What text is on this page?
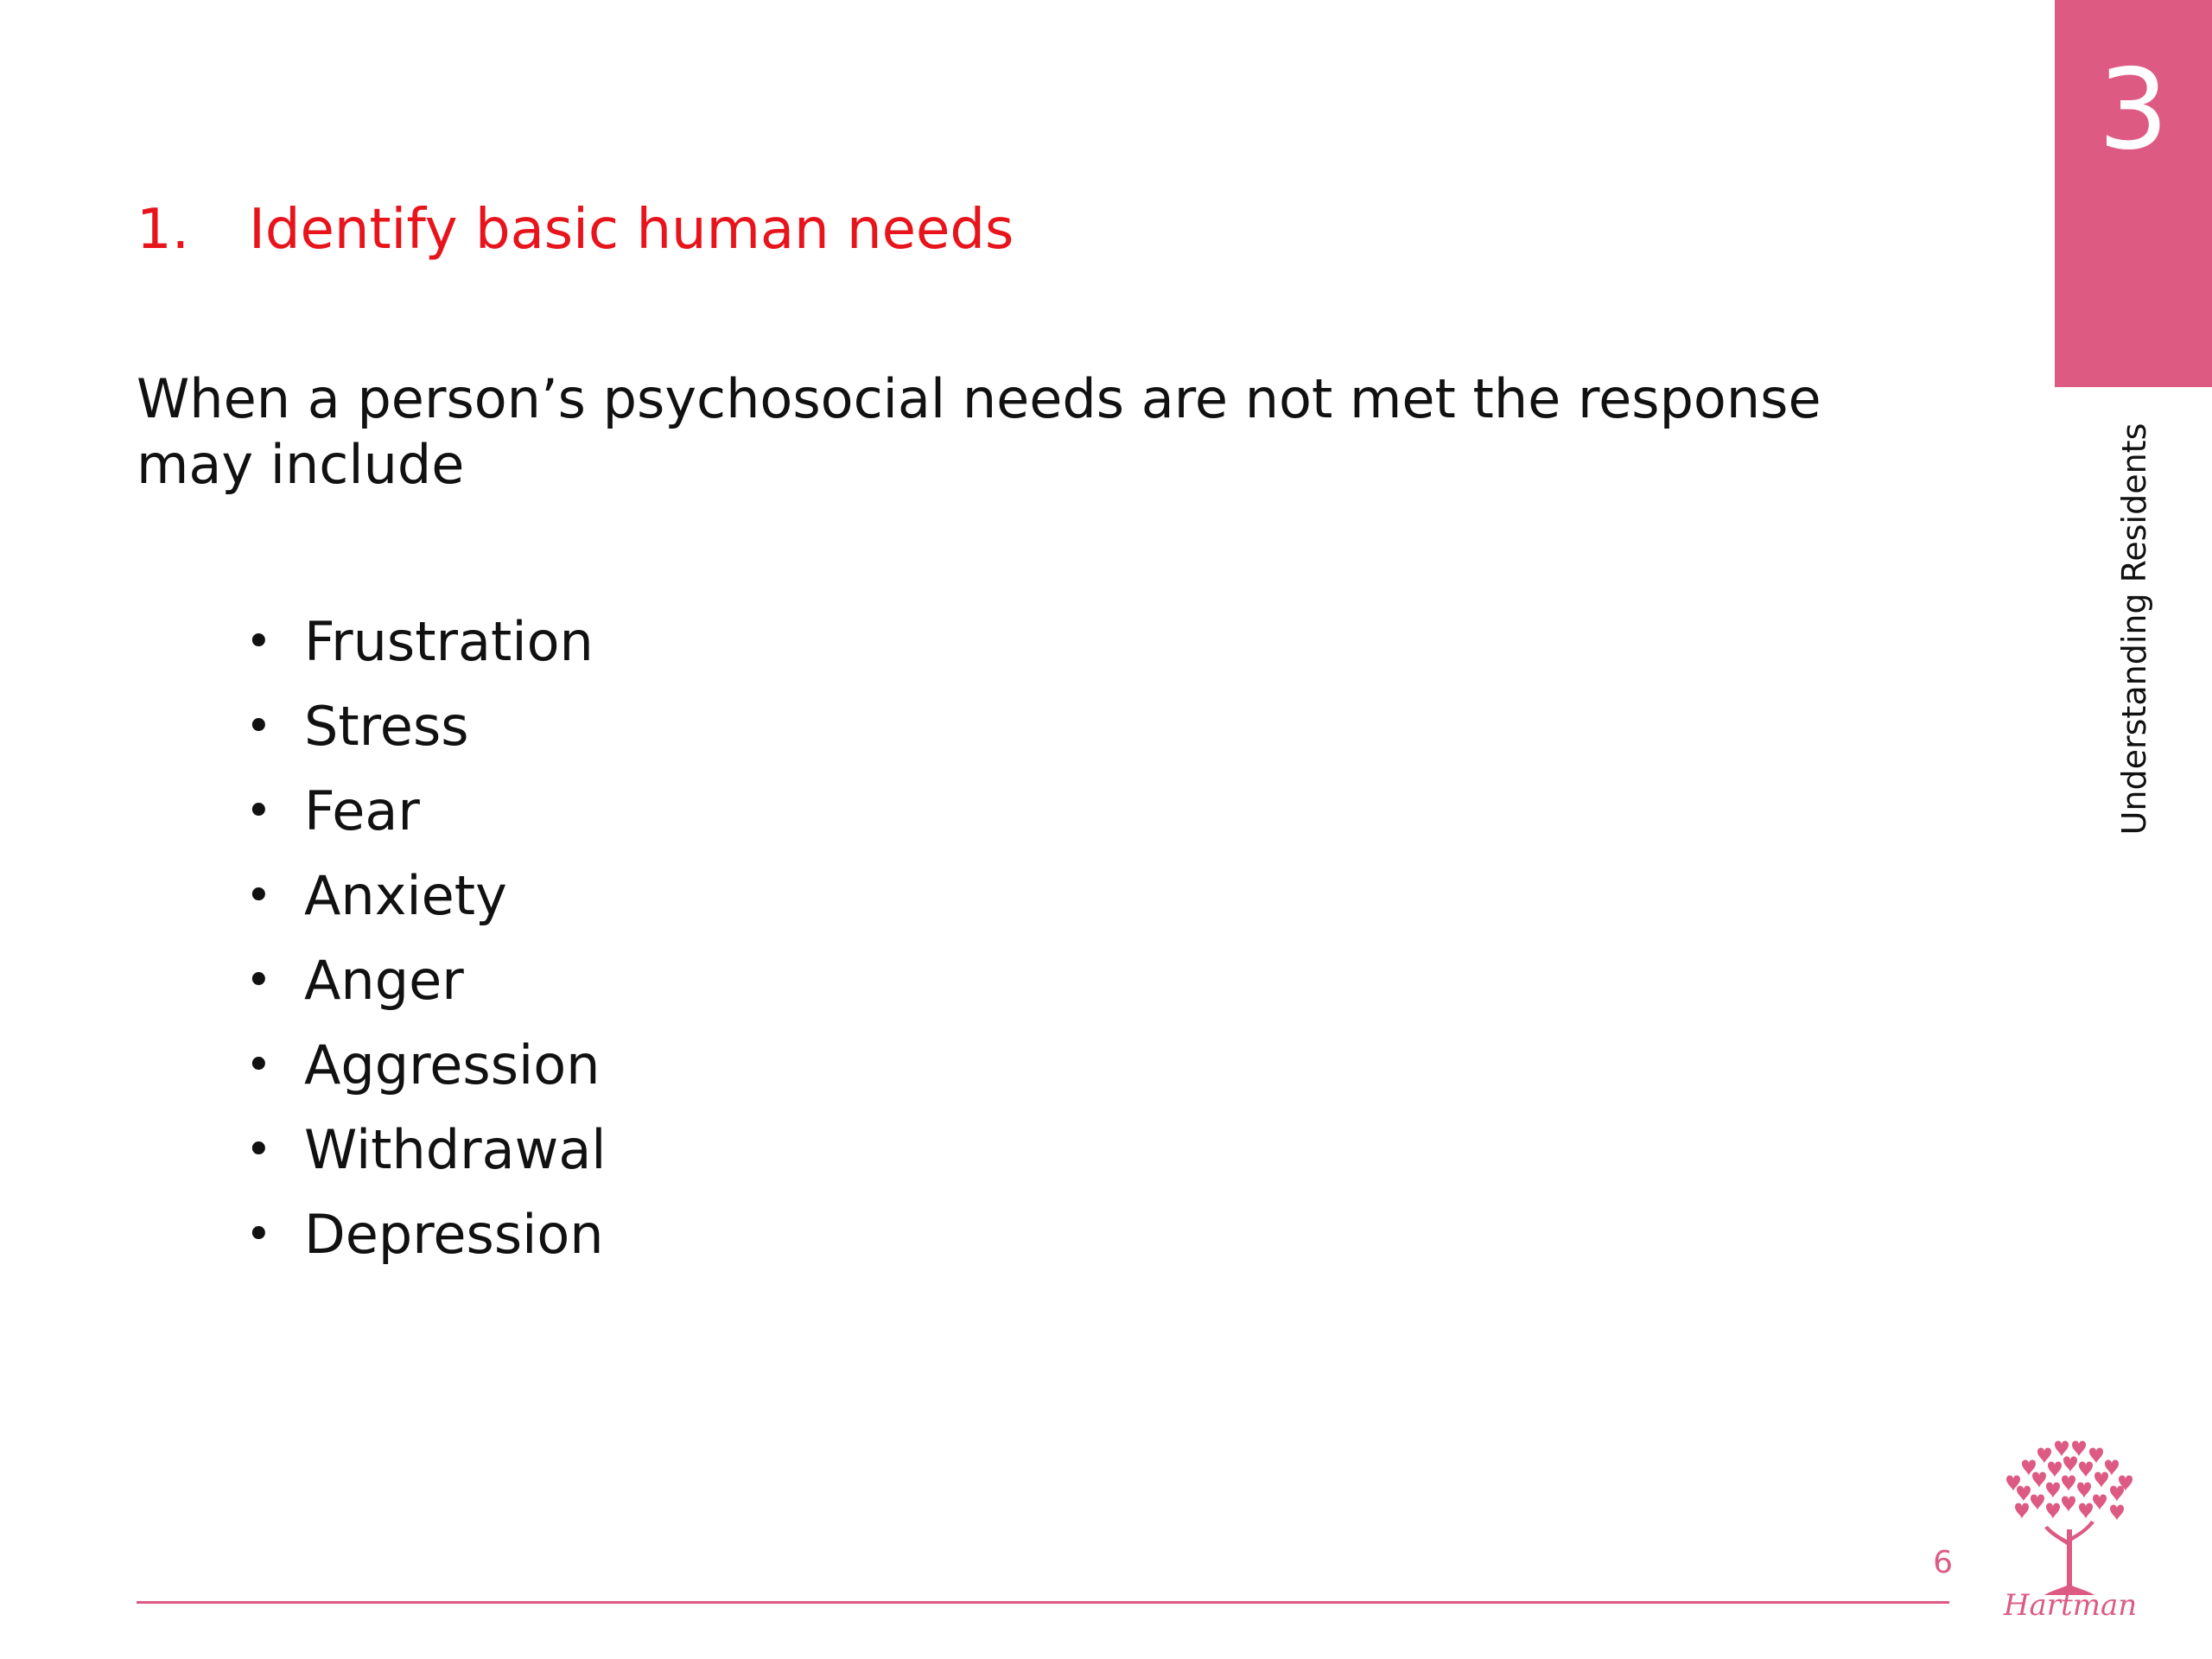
3
Understanding Residents
1. Identify basic human needs
When a person’s psychosocial needs are not met the response may include
• Frustration
• Stress
• Fear
• Anxiety
• Anger
• Aggression
• Withdrawal
• Depression
6
Hartman
